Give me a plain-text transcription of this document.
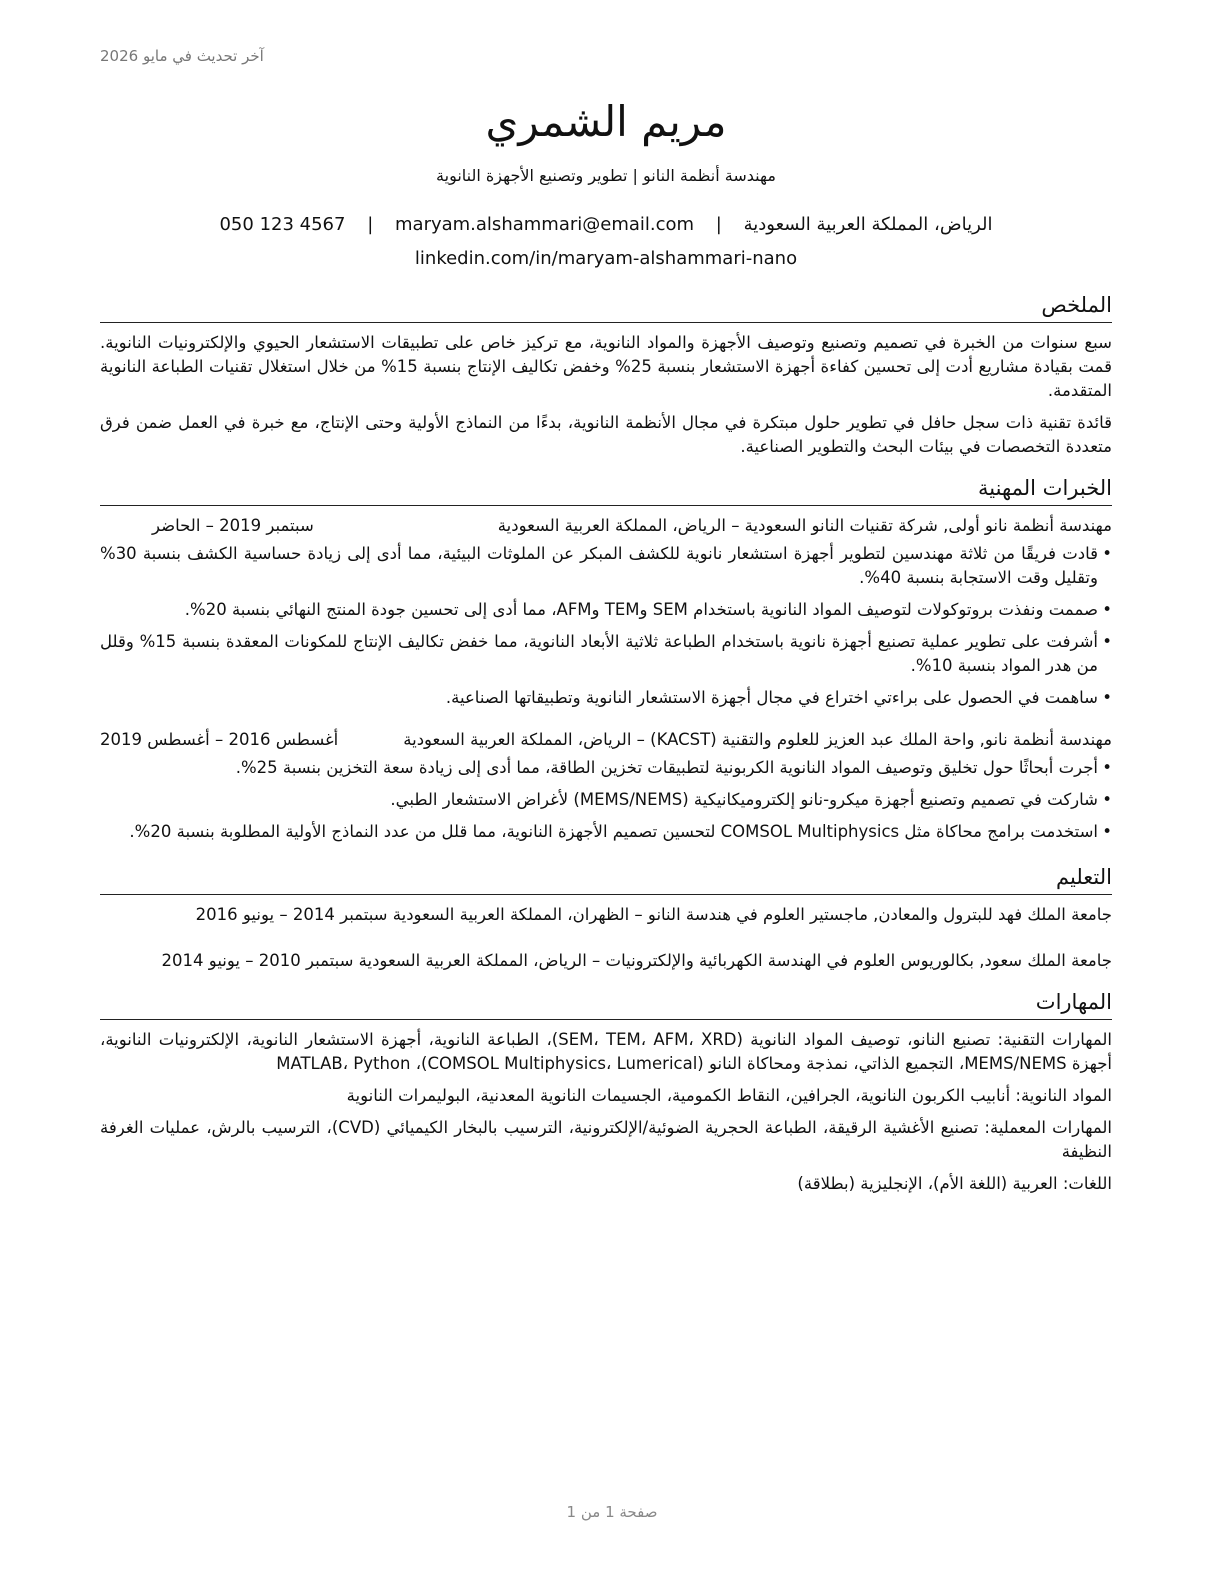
آخر تحديث في مايو 2026
مريم الشمري
مهندسة أنظمة النانو | تطوير وتصنيع الأجهزة النانوية
الرياض، المملكة العربية السعودية | maryam.alshammari@email.com | 050 123 4567
linkedin.com/in/maryam-alshammari-nano
الملخص

سبع سنوات من الخبرة في تصميم وتصنيع وتوصيف الأجهزة والمواد النانوية، مع تركيز خاص على تطبيقات الاستشعار الحيوي والإلكترونيات النانوية. قمت بقيادة مشاريع أدت إلى تحسين كفاءة أجهزة الاستشعار بنسبة 25% وخفض تكاليف الإنتاج بنسبة 15% من خلال استغلال تقنيات الطباعة النانوية المتقدمة.

قائدة تقنية ذات سجل حافل في تطوير حلول مبتكرة في مجال الأنظمة النانوية، بدءًا من النماذج الأولية وحتى الإنتاج، مع خبرة في العمل ضمن فرق متعددة التخصصات في بيئات البحث والتطوير الصناعية.

الخبرات المهنية
مهندسة أنظمة نانو أولى, شركة تقنيات النانو السعودية – الرياض، المملكة العربية السعودية
سبتمبر 2019 – الحاضر
•
قادت فريقًا من ثلاثة مهندسين لتطوير أجهزة استشعار نانوية للكشف المبكر عن الملوثات البيئية، مما أدى إلى زيادة حساسية الكشف بنسبة 30% وتقليل وقت الاستجابة بنسبة 40%.
•
صممت ونفذت بروتوكولات لتوصيف المواد النانوية باستخدام SEM وTEM وAFM، مما أدى إلى تحسين جودة المنتج النهائي بنسبة 20%.
•
أشرفت على تطوير عملية تصنيع أجهزة نانوية باستخدام الطباعة ثلاثية الأبعاد النانوية، مما خفض تكاليف الإنتاج للمكونات المعقدة بنسبة 15% وقلل من هدر المواد بنسبة 10%.
•
ساهمت في الحصول على براءتي اختراع في مجال أجهزة الاستشعار النانوية وتطبيقاتها الصناعية.
مهندسة أنظمة نانو, واحة الملك عبد العزيز للعلوم والتقنية (KACST) – الرياض، المملكة العربية السعودية
أغسطس 2016 – أغسطس 2019
•
أجرت أبحاثًا حول تخليق وتوصيف المواد النانوية الكربونية لتطبيقات تخزين الطاقة، مما أدى إلى زيادة سعة التخزين بنسبة 25%.
•
شاركت في تصميم وتصنيع أجهزة ميكرو-نانو إلكتروميكانيكية (MEMS/NEMS) لأغراض الاستشعار الطبي.
•
استخدمت برامج محاكاة مثل COMSOL Multiphysics لتحسين تصميم الأجهزة النانوية، مما قلل من عدد النماذج الأولية المطلوبة بنسبة 20%.
التعليم
جامعة الملك فهد للبترول والمعادن, ماجستير العلوم في هندسة النانو – الظهران، المملكة العربية السعودية سبتمبر 2014 – يونيو 2016
جامعة الملك سعود, بكالوريوس العلوم في الهندسة الكهربائية والإلكترونيات – الرياض، المملكة العربية السعودية سبتمبر 2010 – يونيو 2014
المهارات

المهارات التقنية: تصنيع النانو، توصيف المواد النانوية (SEM، TEM، AFM، XRD)، الطباعة النانوية، أجهزة الاستشعار النانوية، الإلكترونيات النانوية، أجهزة MEMS/NEMS، التجميع الذاتي، نمذجة ومحاكاة النانو (COMSOL Multiphysics، Lumerical)، MATLAB، Python

المواد النانوية: أنابيب الكربون النانوية، الجرافين، النقاط الكمومية، الجسيمات النانوية المعدنية، البوليمرات النانوية

المهارات المعملية: تصنيع الأغشية الرقيقة، الطباعة الحجرية الضوئية/الإلكترونية، الترسيب بالبخار الكيميائي (CVD)، الترسيب بالرش، عمليات الغرفة النظيفة

اللغات: العربية (اللغة الأم)، الإنجليزية (بطلاقة)

صفحة 1 من 1
